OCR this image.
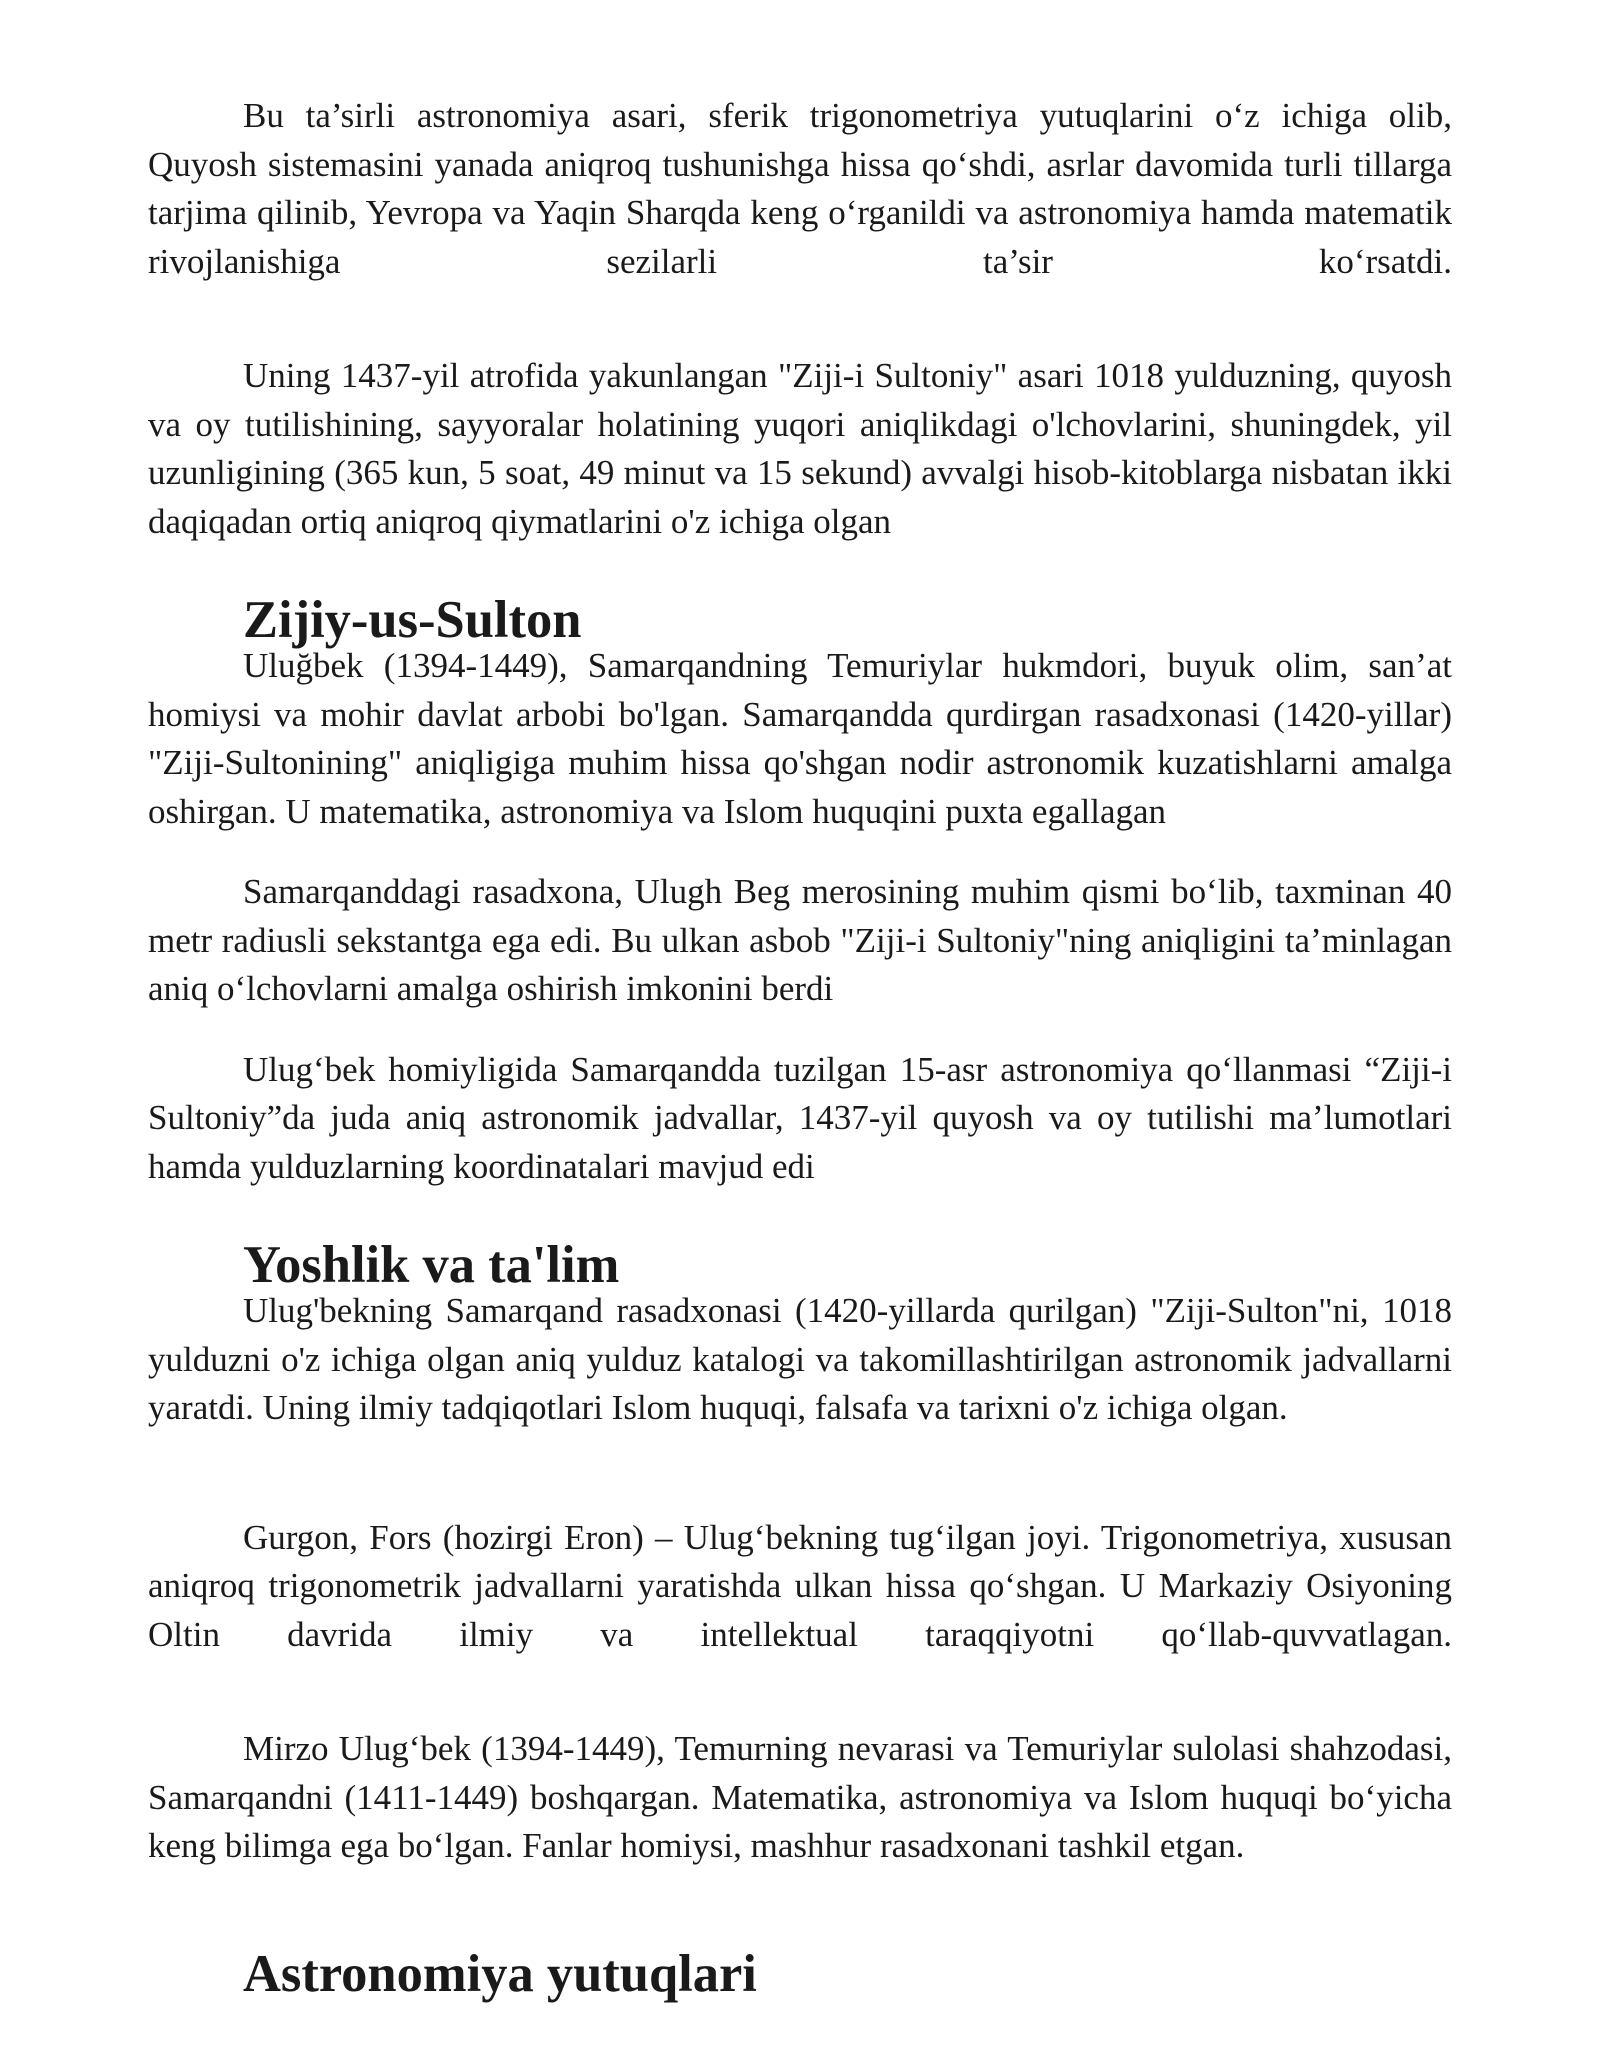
Bu ta’sirli astronomiya asari, sferik trigonometriya yutuqlarini o‘z ichiga olib, Quyosh sistemasini yanada aniqroq tushunishga hissa qo‘shdi, asrlar davomida turli tillarga tarjima qilinib, Yevropa va Yaqin Sharqda keng o‘rganildi va astronomiya hamda matematik rivojlanishiga sezilarli ta’sir ko‘rsatdi.

Uning 1437-yil atrofida yakunlangan "Ziji-i Sultoniy" asari 1018 yulduzning, quyosh va oy tutilishining, sayyoralar holatining yuqori aniqlikdagi o'lchovlarini, shuningdek, yil uzunligining (365 kun, 5 soat, 49 minut va 15 sekund) avvalgi hisob-kitoblarga nisbatan ikki daqiqadan ortiq aniqroq qiymatlarini o'z ichiga olgan

Zijiy-us-Sulton

Uluğbek (1394-1449), Samarqandning Temuriylar hukmdori, buyuk olim, san’at homiysi va mohir davlat arbobi bo'lgan. Samarqandda qurdirgan rasadxonasi (1420-yillar) "Ziji-Sultonining" aniqligiga muhim hissa qo'shgan nodir astronomik kuzatishlarni amalga oshirgan. U matematika, astronomiya va Islom huquqini puxta egallagan

Samarqanddagi rasadxona, Ulugh Beg merosining muhim qismi bo‘lib, taxminan 40 metr radiusli sekstantga ega edi. Bu ulkan asbob "Ziji-i Sultoniy"ning aniqligini ta’minlagan aniq o‘lchovlarni amalga oshirish imkonini berdi

Ulug‘bek homiyligida Samarqandda tuzilgan 15-asr astronomiya qo‘llanmasi “Ziji-i Sultoniy”da juda aniq astronomik jadvallar, 1437-yil quyosh va oy tutilishi ma’lumotlari hamda yulduzlarning koordinatalari mavjud edi

Yoshlik va ta'lim

Ulug'bekning Samarqand rasadxonasi (1420-yillarda qurilgan) "Ziji-Sulton"ni, 1018 yulduzni o'z ichiga olgan aniq yulduz katalogi va takomillashtirilgan astronomik jadvallarni yaratdi. Uning ilmiy tadqiqotlari Islom huquqi, falsafa va tarixni o'z ichiga olgan.

Gurgon, Fors (hozirgi Eron) – Ulug‘bekning tug‘ilgan joyi. Trigonometriya, xususan aniqroq trigonometrik jadvallarni yaratishda ulkan hissa qo‘shgan. U Markaziy Osiyoning Oltin davrida ilmiy va intellektual taraqqiyotni qo‘llab-quvvatlagan.

Mirzo Ulug‘bek (1394-1449), Temurning nevarasi va Temuriylar sulolasi shahzodasi, Samarqandni (1411-1449) boshqargan. Matematika, astronomiya va Islom huquqi bo‘yicha keng bilimga ega bo‘lgan. Fanlar homiysi, mashhur rasadxonani tashkil etgan.

Astronomiya yutuqlari
